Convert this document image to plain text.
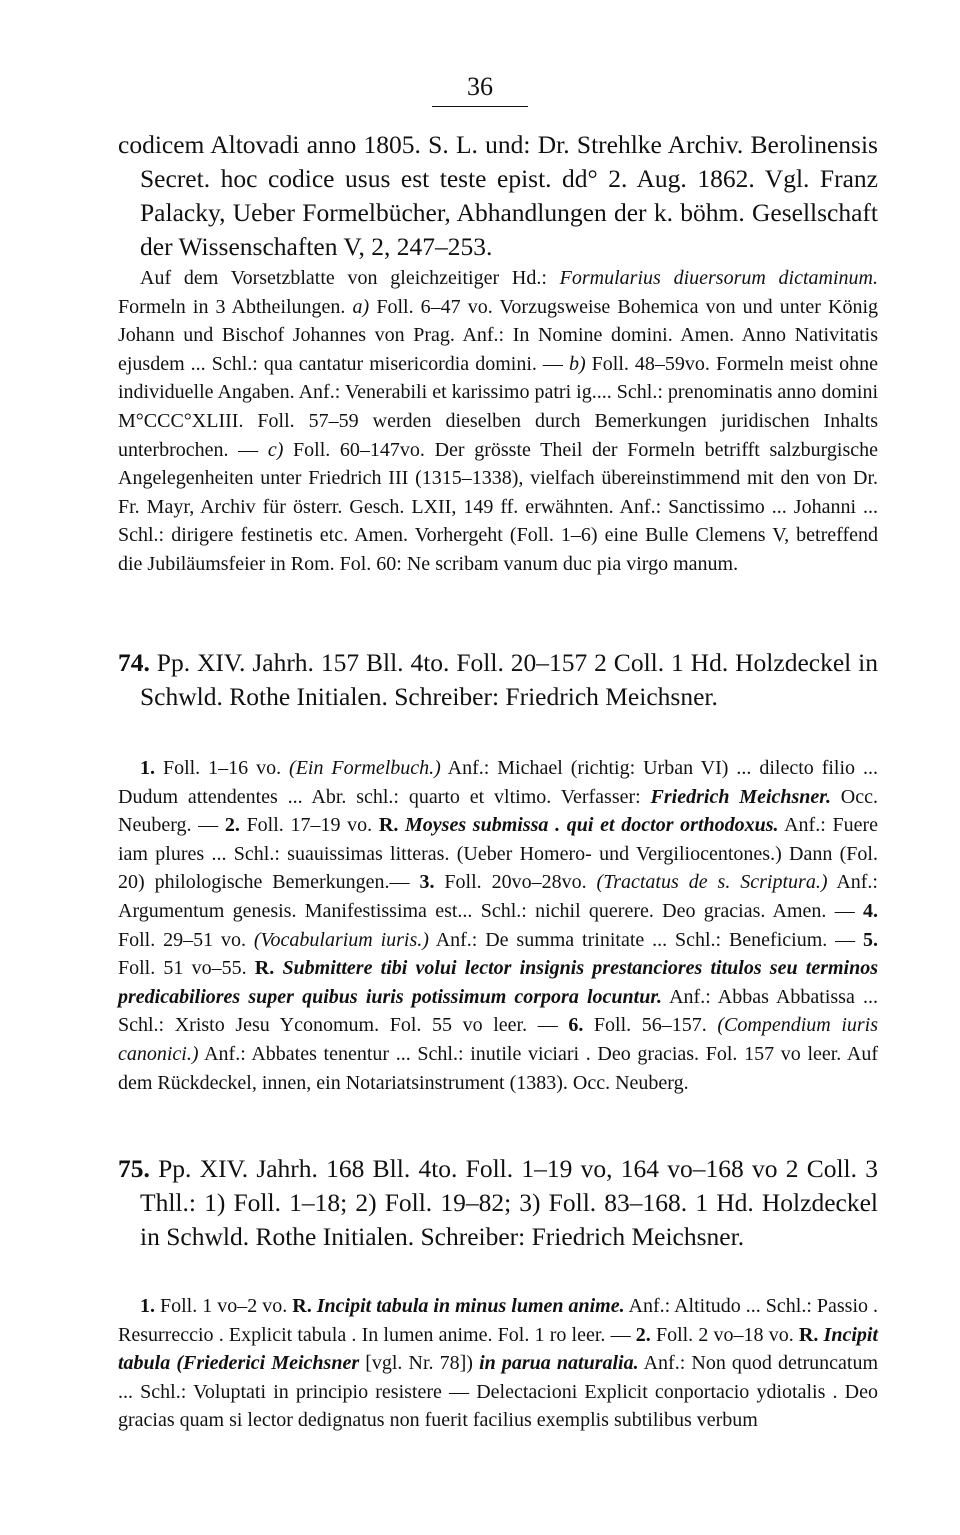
36

codicem Altovadi anno 1805. S. L. und: Dr. Strehlke Archiv. Berolinensis Secret. hoc codice usus est teste epist. dd° 2. Aug. 1862. Vgl. Franz Palacky, Ueber Formelbücher, Abhandlungen der k. böhm. Gesellschaft der Wissenschaften V, 2, 247–253.

Auf dem Vorsetzblatte von gleichzeitiger Hd.: Formularius diuersorum dictaminum. Formeln in 3 Abtheilungen. a) Foll. 6–47 vo. Vorzugsweise Bohemica von und unter König Johann und Bischof Johannes von Prag. Anf.: In Nomine domini. Amen. Anno Nativitatis ejusdem ... Schl.: qua cantatur misericordia domini. — b) Foll. 48–59vo. Formeln meist ohne individuelle Angaben. Anf.: Venerabili et karissimo patri ig.... Schl.: prenominatis anno domini M°CCC°XLIII. Foll. 57–59 werden dieselben durch Bemerkungen juridischen Inhalts unterbrochen. — c) Foll. 60–147vo. Der grösste Theil der Formeln betrifft salzburgische Angelegenheiten unter Friedrich III (1315–1338), vielfach übereinstimmend mit den von Dr. Fr. Mayr, Archiv für österr. Gesch. LXII, 149 ff. erwähnten. Anf.: Sanctissimo ... Johanni ... Schl.: dirigere festinetis etc. Amen. Vorhergeht (Foll. 1–6) eine Bulle Clemens V, betreffend die Jubiläumsfeier in Rom. Fol. 60: Ne scribam vanum duc pia virgo manum.

74. Pp. XIV. Jahrh. 157 Bll. 4to. Foll. 20–157 2 Coll. 1 Hd. Holzdeckel in Schwld. Rothe Initialen. Schreiber: Friedrich Meichsner.

1. Foll. 1–16 vo. (Ein Formelbuch.) Anf.: Michael (richtig: Urban VI) ... dilecto filio ... Dudum attendentes ... Abr. schl.: quarto et vltimo. Verfasser: Friedrich Meichsner. Occ. Neuberg. — 2. Foll. 17–19 vo. R. Moyses submissa . qui et doctor orthodoxus. Anf.: Fuere iam plures ... Schl.: suauissimas litteras. (Ueber Homero- und Vergiliocentones.) Dann (Fol. 20) philologische Bemerkungen.— 3. Foll. 20vo–28vo. (Tractatus de s. Scriptura.) Anf.: Argumentum genesis. Manifestissima est... Schl.: nichil querere. Deo gracias. Amen. — 4. Foll. 29–51 vo. (Vocabularium iuris.) Anf.: De summa trinitate ... Schl.: Beneficium. — 5. Foll. 51 vo–55. R. Submittere tibi volui lector insignis prestanciores titulos seu terminos predicabiliores super quibus iuris potissimum corpora locuntur. Anf.: Abbas Abbatissa ... Schl.: Xristo Jesu Yconomum. Fol. 55 vo leer. — 6. Foll. 56–157. (Compendium iuris canonici.) Anf.: Abbates tenentur ... Schl.: inutile viciari . Deo gracias. Fol. 157 vo leer. Auf dem Rückdeckel, innen, ein Notariatsinstrument (1383). Occ. Neuberg.

75. Pp. XIV. Jahrh. 168 Bll. 4to. Foll. 1–19 vo, 164 vo–168 vo 2 Coll. 3 Thll.: 1) Foll. 1–18; 2) Foll. 19–82; 3) Foll. 83–168. 1 Hd. Holzdeckel in Schwld. Rothe Initialen. Schreiber: Friedrich Meichsner.

1. Foll. 1 vo–2 vo. R. Incipit tabula in minus lumen anime. Anf.: Altitudo ... Schl.: Passio . Resurreccio . Explicit tabula . In lumen anime. Fol. 1 ro leer. — 2. Foll. 2 vo–18 vo. R. Incipit tabula (Friederici Meichsner [vgl. Nr. 78]) in parua naturalia. Anf.: Non quod detruncatum ... Schl.: Voluptati in principio resistere — Delectacioni Explicit conportacio ydiotalis . Deo gracias quam si lector dedignatus non fuerit facilius exemplis subtilibus verbum
